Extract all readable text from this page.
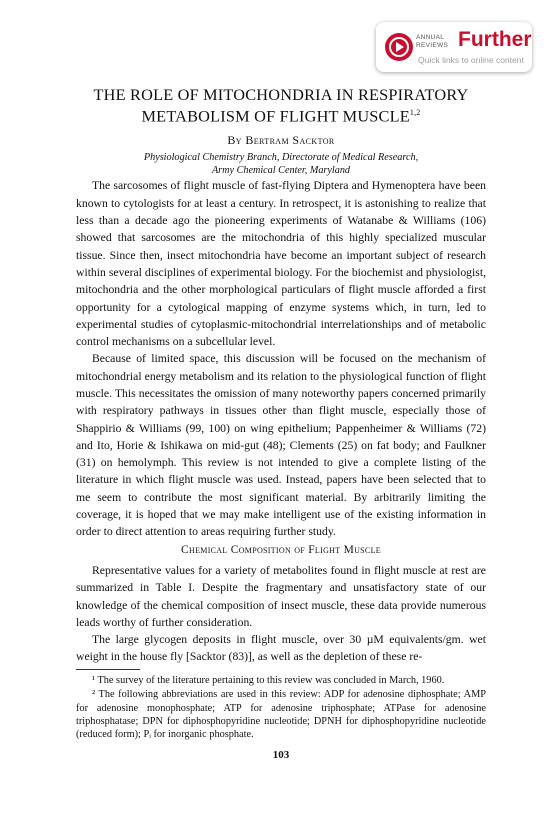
ANNUAL
REVIEWS Further
Quick links to online content
THE ROLE OF MITOCHONDRIA IN RESPIRATORY
METABOLISM OF FLIGHT MUSCLE$^{1,2}$
By Bertram Sacktor
Physiological Chemistry Branch, Directorate of Medical Research,
Army Chemical Center, Maryland

The sarcosomes of flight muscle of fast-flying Diptera and Hymenoptera have been known to cytologists for at least a century. In retrospect, it is astonishing to realize that less than a decade ago the pioneering experiments of Watanabe & Williams (106) showed that sarcosomes are the mitochondria of this highly specialized muscular tissue. Since then, insect mitochondria have become an important subject of research within several disciplines of experimental biology. For the biochemist and physiologist, mitochondria and the other morphological particulars of flight muscle afforded a first opportunity for a cytological mapping of enzyme systems which, in turn, led to experimental studies of cytoplasmic-mitochondrial interrelationships and of metabolic control mechanisms on a subcellular level.

Because of limited space, this discussion will be focused on the mechanism of mitochondrial energy metabolism and its relation to the physiological function of flight muscle. This necessitates the omission of many noteworthy papers concerned primarily with respiratory pathways in tissues other than flight muscle, especially those of Shappirio & Williams (99, 100) on wing epithelium; Pappenheimer & Williams (72) and Ito, Horie & Ishikawa on mid-gut (48); Clements (25) on fat body; and Faulkner (31) on hemolymph. This review is not intended to give a complete listing of the literature in which flight muscle was used. Instead, papers have been selected that to me seem to contribute the most significant material. By arbitrarily limiting the coverage, it is hoped that we may make intelligent use of the existing information in order to direct attention to areas requiring further study.

Chemical Composition of Flight Muscle

Representative values for a variety of metabolites found in flight muscle at rest are summarized in Table I. Despite the fragmentary and unsatisfactory state of our knowledge of the chemical composition of insect muscle, these data provide numerous leads worthy of further consideration.

The large glycogen deposits in flight muscle, over 30 µM equivalents/gm. wet weight in the house fly [Sacktor (83)], as well as the depletion of these re-

¹ The survey of the literature pertaining to this review was concluded in March, 1960.

² The following abbreviations are used in this review: ADP for adenosine diphosphate; AMP for adenosine monophosphate; ATP for adenosine triphosphate; ATPase for adenosine triphosphatase; DPN for diphosphopyridine nucleotide; DPNH for diphosphopyridine nucleotide (reduced form); Pᵢ for inorganic phosphate.

103
